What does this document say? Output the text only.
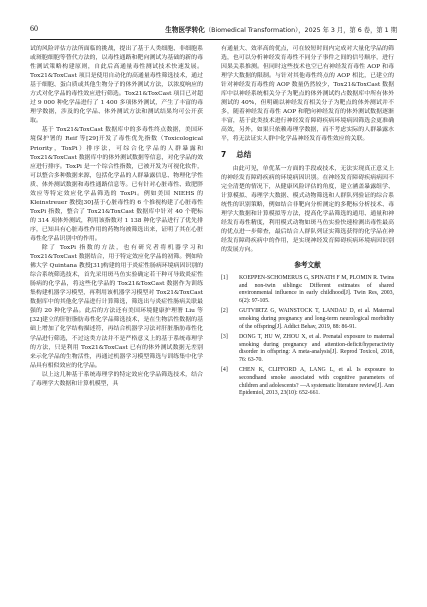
60	生物医学转化（Biomedical Transformation），2025 年 3 月，第 6 卷，第 1 期

试的风险评估方法所面临的挑战，提出了基于人类细胞、非细胞系或斑胞细胞等替代方法的，以毒性通路和靶向测试为基础的新的毒性测试策略构建原则，自此后高通量毒性测试技术快速发展。Tox21&ToxCast 项目是使用自动化的高通量毒性筛选技术，通过基于细胞、蛋白质或其他生物分子的体外测试方法，以浓度响应的方式对化学品的毒性效应进行筛选。Tox21&ToxCast 项目已对超过 9 000 种化学品进行了 1 400 多项体外测试，产生了丰富的毒理学数据，涉及的化学品、体外测试方法和测试结果均可公开获取。

基于 Tox21&ToxCast 数据库中的多毒性终点数据，美国环境保护署的 Reif 等[29]开发了毒性优先指数（Toxicological Priority，ToxPi）排序法，可综合化学品的人群暴露和 Tox21&ToxCast 数据库中的体外测试数据等信息，对化学品的效应进行排序。ToxPi 是一个综合性指数，已被开发为可视化软件，可以整合多种数据来源，包括化学品的人群暴露信息、物理化学性质、体外测试数据和毒性通路信息等。已有针对心脏毒性、致肥胖效应等特定效应化学品筛选的 ToxPi。例如美国 NIEHS 的 Kleinstreuer 教授[30]基于心脏毒性的 6 个推视构建了心脏毒性 ToxPi 指数，整合了 Tox21&ToxCast 数据库中针对 40 个靶标的 314 项体外测试，利用该指数对 1 138 种化学品进行了优先排序，已知具有心脏毒性作用的药物均被筛选出来，证明了其在心脏毒性化学品识别中的作用。

除了 ToxPi 指数的方法，也有研究者将机器学习和 Tox21&ToxCast 数据结合，用于特定效应化学品的初筛。例如哈佛大学 Quintana 教授[31]构建的用于炎症性肠病环境病因识别的综合系统筛选技术，首先采用斑马鱼实验确定若干种可导致炎症性肠病的化学品，将这些化学品的 Tox21&ToxCast 数据作为训练集构建机器学习模型，再利用该机器学习模型对 Tox21&ToxCast 数据库中的其他化学品进行计算筛选，筛选出与炎症性肠病关联最强的 20 种化学品。此后的方法还有美国环境健康护理署 Liu 等[32]建立的肝脏脂肪毒性化学品筛选技术，是在生物活性数据的基础上增加了化学结构描述符，再结合机器学习法对肝脏脂肪毒性化学品进行筛选，不过这类方法并不是严格意义上的基于系统毒理学的方法，只是利用 Tox21&ToxCast 已有的体外测试数据无差别来示化学品的生物活性，再通过机器学习模型筛选与训练集中化学品具有相似效应的化学品。

以上这几种基于系统毒理学的特定效应化学品筛选技术，结合了毒理学大数据和计算机模型，具

有通量大、效率高的优点，可在较短时间内完成对大量化学品的筛选，也可以分析神经发育毒性不同分子事件之间的信号顺序，进行因果关系推测。但同时这些技术也空已有神经发育毒性 AOP 和毒理学大数据的限制。与针对其他毒性终点的 AOP 相比，已建立的针对神经发育毒性的 AOP 数量仍然较少，Tox21&ToxCast 数据库中以神经系统相关分子为靶点的体外测试约占数据库中所有体外测试的 40%，但明确以神经发育相关分子为靶点的体外测试并不多，随着神经发育毒性 AOP 和靶向神经发育的体外测试数据逐渐丰富，基于此类技术进行神经发育障碍疾病环境病因筛选会更准确高效，另外，如果只依赖毒理学数据，而不考虑实际的人群暴露水平，将无法证实人群中化学品神经发育毒性效应的关联。

7 总结

由此可见，单优某一方面的手段或技术，无法实现真正意义上的神经发育障碍疾病的环境病因识别。在神经发育障碍疾病病因不完全清楚的情况下，从健康风险评估的角度，建立涵盖暴露组学、计算模拟、毒理学大数据、模式动物筛选和人群队列验证的综合系统性的识别策略，例如结合非靶向分析测定的多靶标分析技术、毒理学大数据和计算模拟等方法，提高化学品筛选的通用、通量和神经发育毒性精度，利用模式动物如斑马鱼实验快速检测出毒性最高的优点进一步筛查，最后结合人群队列证实筛选获得的化学品在神经发育障碍疾病中的作用，是实现神经发育障碍疾病环境病因识别的发展方向。

参考文献
[1] KOEPPEN-SCHOMERUS G, SPINATH F M, PLOMIN R. Twins and non-twin siblings: Different estimates of shared environmental influence in early childhood[J]. Twin Res, 2003, 6(2): 97-105.
[2] GUTVIRTZ G, WAINSTOCK T, LANDAU D, et al. Maternal smoking during pregnancy and long-term neurological morbidity of the offspring[J]. Addict Behav, 2019, 88: 86-91.
[3] DONG T, HU W, ZHOU X, et al. Prenatal exposure to maternal smoking during pregnancy and attention-deficit/hyperactivity disorder in offspring: A meta-analysis[J]. Reprod Toxicol, 2018, 76: 63-70.
[4] CHEN K, CLIFFORD A, LANG L, et al. Is exposure to secondhand smoke associated with cognitive parameters of children and adolescents? —A systematic literature review[J]. Ann Epidemiol, 2013, 23(10): 652-661.
